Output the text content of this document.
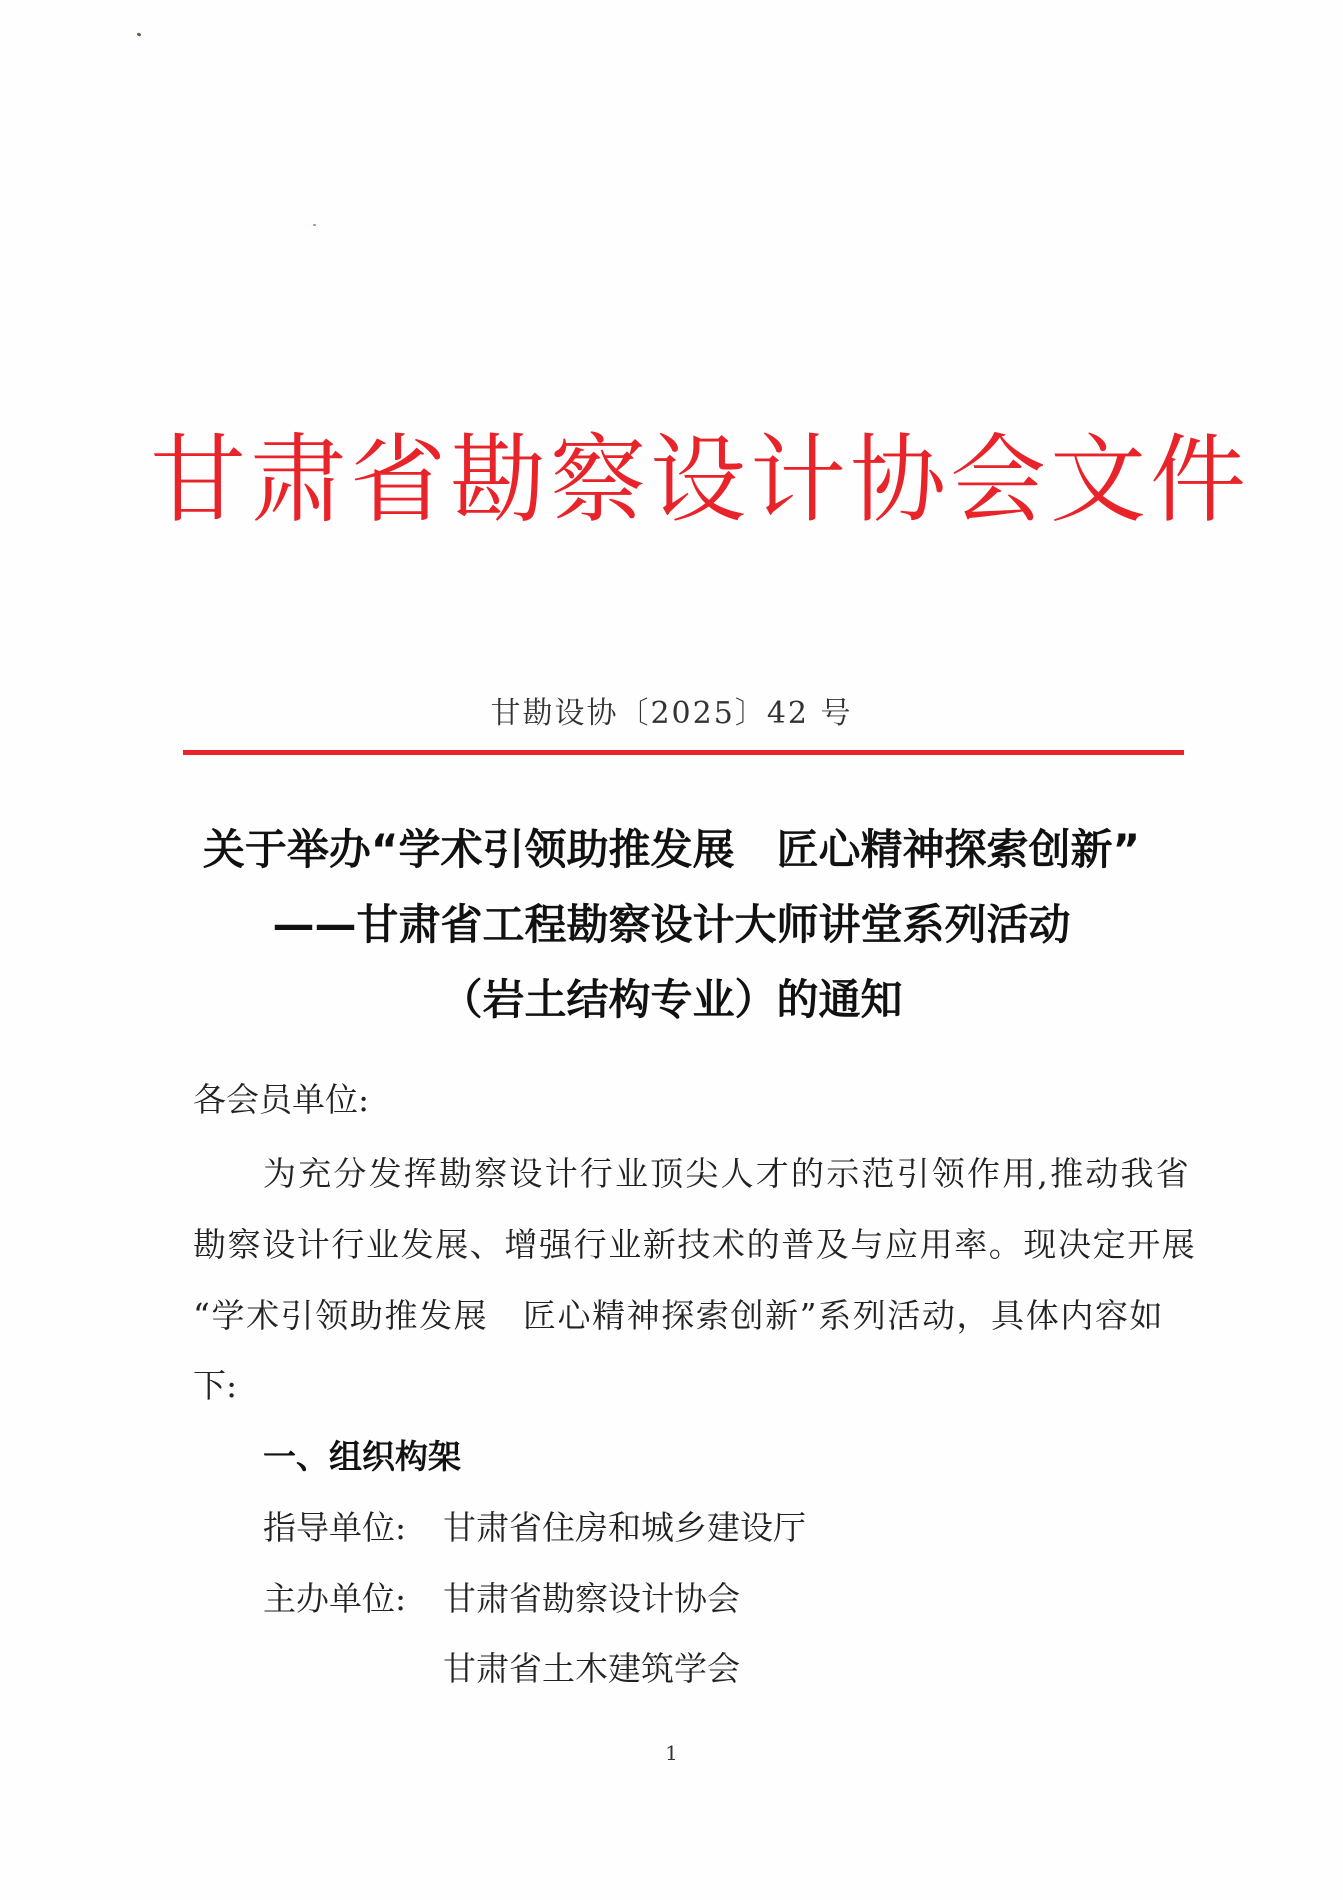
甘肃省勘察设计协会文件
甘勘设协〔2025〕42 号
关于举办“学术引领助推发展　匠心精神探索创新”
——甘肃省工程勘察设计大师讲堂系列活动
（岩土结构专业）的通知
各会员单位:
为充分发挥勘察设计行业顶尖人才的示范引领作用,推动我省
勘察设计行业发展、增强行业新技术的普及与应用率。现决定开展
“学术引领助推发展　匠心精神探索创新”系列活动，具体内容如
下:
一、组织构架
指导单位: 甘肃省住房和城乡建设厅
主办单位: 甘肃省勘察设计协会
甘肃省土木建筑学会
1
